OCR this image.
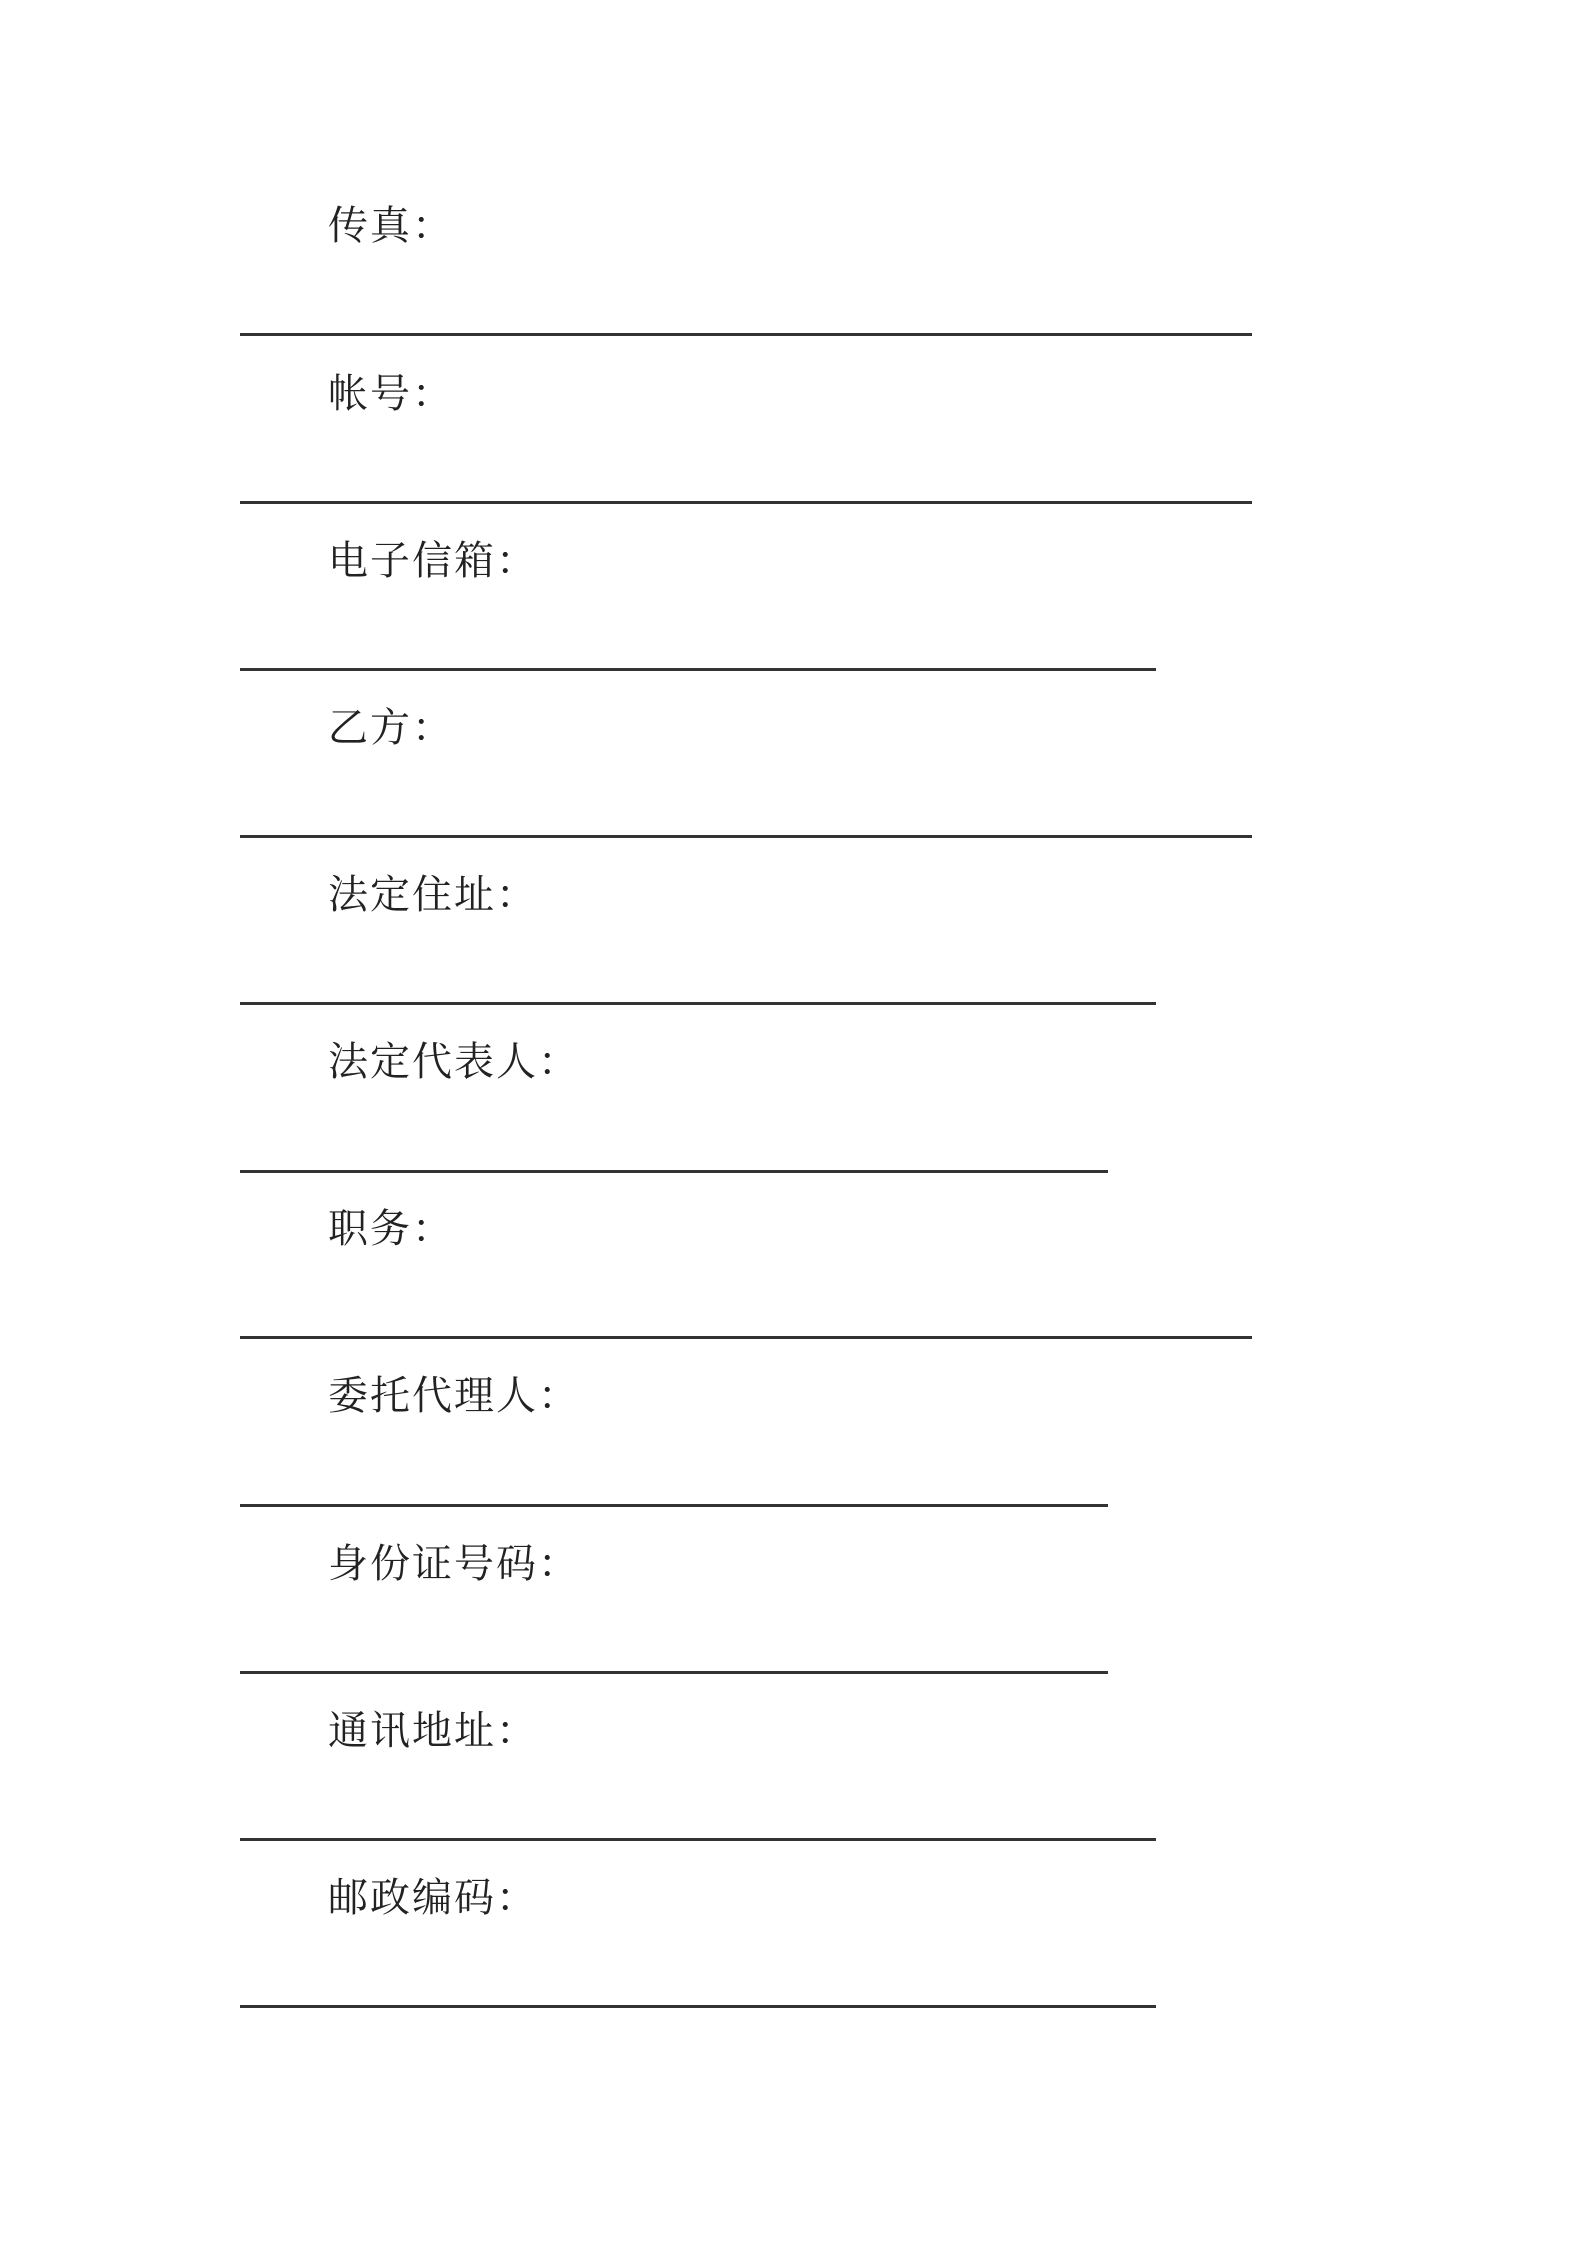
传真：
帐号：
电子信箱：
乙方：
法定住址：
法定代表人：
职务：
委托代理人：
身份证号码：
通讯地址：
邮政编码：
